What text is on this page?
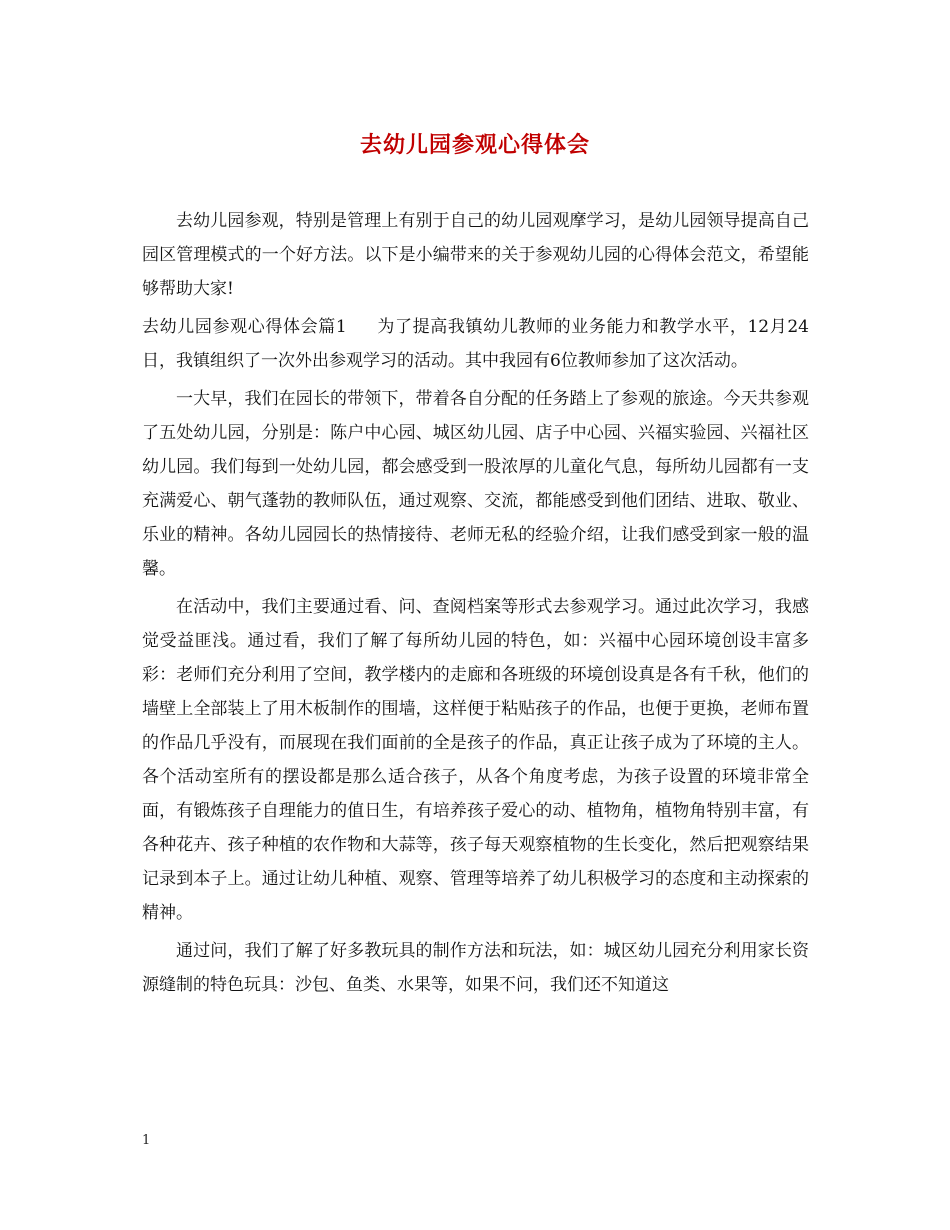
去幼儿园参观心得体会

去幼儿园参观，特别是管理上有别于自己的幼儿园观摩学习，是幼儿园领导提高自己园区管理模式的一个好方法。以下是小编带来的关于参观幼儿园的心得体会范文，希望能够帮助大家!

去幼儿园参观心得体会篇1 为了提高我镇幼儿教师的业务能力和教学水平，12月24日，我镇组织了一次外出参观学习的活动。其中我园有6位教师参加了这次活动。

一大早，我们在园长的带领下，带着各自分配的任务踏上了参观的旅途。今天共参观了五处幼儿园，分别是：陈户中心园、城区幼儿园、店子中心园、兴福实验园、兴福社区幼儿园。我们每到一处幼儿园，都会感受到一股浓厚的儿童化气息，每所幼儿园都有一支充满爱心、朝气蓬勃的教师队伍，通过观察、交流，都能感受到他们团结、进取、敬业、乐业的精神。各幼儿园园长的热情接待、老师无私的经验介绍，让我们感受到家一般的温馨。

在活动中，我们主要通过看、问、查阅档案等形式去参观学习。通过此次学习，我感觉受益匪浅。通过看，我们了解了每所幼儿园的特色，如：兴福中心园环境创设丰富多彩：老师们充分利用了空间，教学楼内的走廊和各班级的环境创设真是各有千秋，他们的墙壁上全部装上了用木板制作的围墙，这样便于粘贴孩子的作品，也便于更换，老师布置的作品几乎没有，而展现在我们面前的全是孩子的作品，真正让孩子成为了环境的主人。各个活动室所有的摆设都是那么适合孩子，从各个角度考虑，为孩子设置的环境非常全面，有锻炼孩子自理能力的值日生，有培养孩子爱心的动、植物角，植物角特别丰富，有各种花卉、孩子种植的农作物和大蒜等，孩子每天观察植物的生长变化，然后把观察结果记录到本子上。通过让幼儿种植、观察、管理等培养了幼儿积极学习的态度和主动探索的精神。

通过问，我们了解了好多教玩具的制作方法和玩法，如：城区幼儿园充分利用家长资源缝制的特色玩具：沙包、鱼类、水果等，如果不问，我们还不知道这

1
